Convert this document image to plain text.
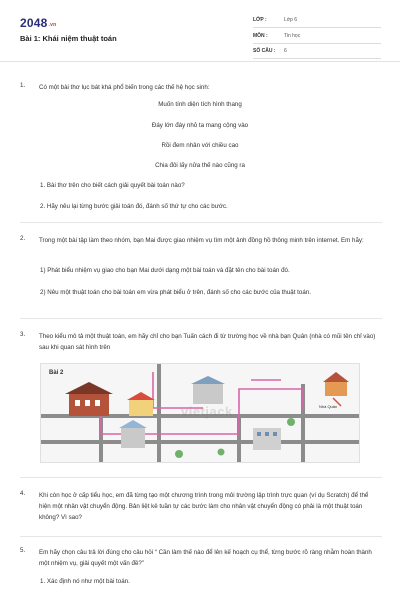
$2048^{.vn}$
Bài 1: Khái niệm thuật toán
LỚP :	Lớp 6
MÔN :	Tin học
SỐ CÂU : 6
1. Có một bài thơ lục bát khá phổ biến trong các thế hệ học sinh:
Muốn tính diện tích hình thang
Đáy lớn đáy nhỏ ta mang cộng vào
Rồi đem nhân với chiều cao
Chia đôi lấy nửa thế nào cũng ra
1. Bài thơ trên cho biết cách giải quyết bài toán nào?
2. Hãy nêu lại từng bước giải toán đó, đánh số thứ tự cho các bước.
2. Trong một bài tập làm theo nhóm, bạn Mai được giao nhiệm vụ tìm một ảnh đồng hồ thông minh trên internet. Em hãy:
1) Phát biểu nhiệm vụ giao cho bạn Mai dưới dạng một bài toán và đặt tên cho bài toán đó.
2) Nêu một thuật toán cho bài toán em vừa phát biểu ở trên, đánh số cho các bước của thuật toán.
3. Theo kiểu mô tả một thuật toán, em hãy chỉ cho bạn Tuấn cách đi từ trường học về nhà bạn Quân (nhà có mũi tên chỉ vào) sau khi quan sát hình trên
Bài 2
Nhà Quân
vietjack
4. Khi còn học ở cấp tiểu học, em đã từng tạo một chương trình trong môi trường lập trình trực quan (ví dụ Scratch) để thể hiện một nhân vật chuyển động. Bản liệt kê tuần tự các bước làm cho nhân vật chuyển động có phải là một thuật toán không? Vì sao?
5. Em hãy chọn câu trả lời đúng cho câu hỏi “ Cần làm thế nào để lên kế hoạch cụ thể, từng bước rõ ràng nhằm hoàn thành một nhiệm vụ, giải quyết một vấn đề?”
1. Xác định nó như một bài toán.
